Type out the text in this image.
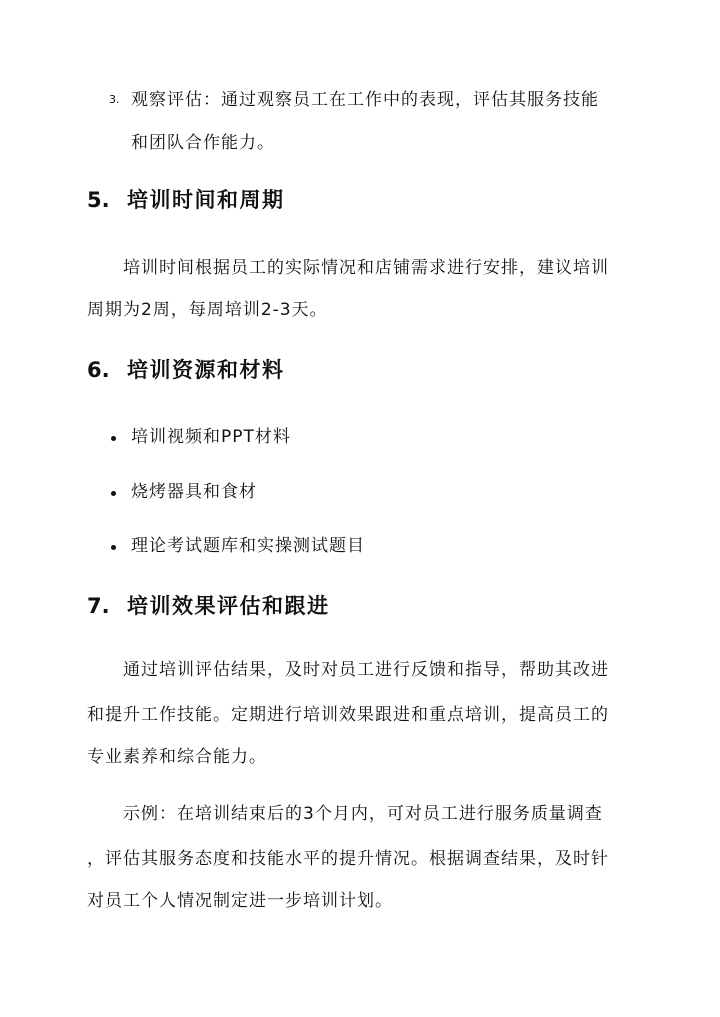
3. 观察评估：通过观察员工在工作中的表现，评估其服务技能
和团队合作能力。
5. 培训时间和周期
培训时间根据员工的实际情况和店铺需求进行安排，建议培训
周期为2周，每周培训2-3天。
6. 培训资源和材料
培训视频和PPT材料
烧烤器具和食材
理论考试题库和实操测试题目
7. 培训效果评估和跟进
通过培训评估结果，及时对员工进行反馈和指导，帮助其改进
和提升工作技能。定期进行培训效果跟进和重点培训，提高员工的
专业素养和综合能力。
示例：在培训结束后的3个月内，可对员工进行服务质量调查
，评估其服务态度和技能水平的提升情况。根据调查结果，及时针
对员工个人情况制定进一步培训计划。
